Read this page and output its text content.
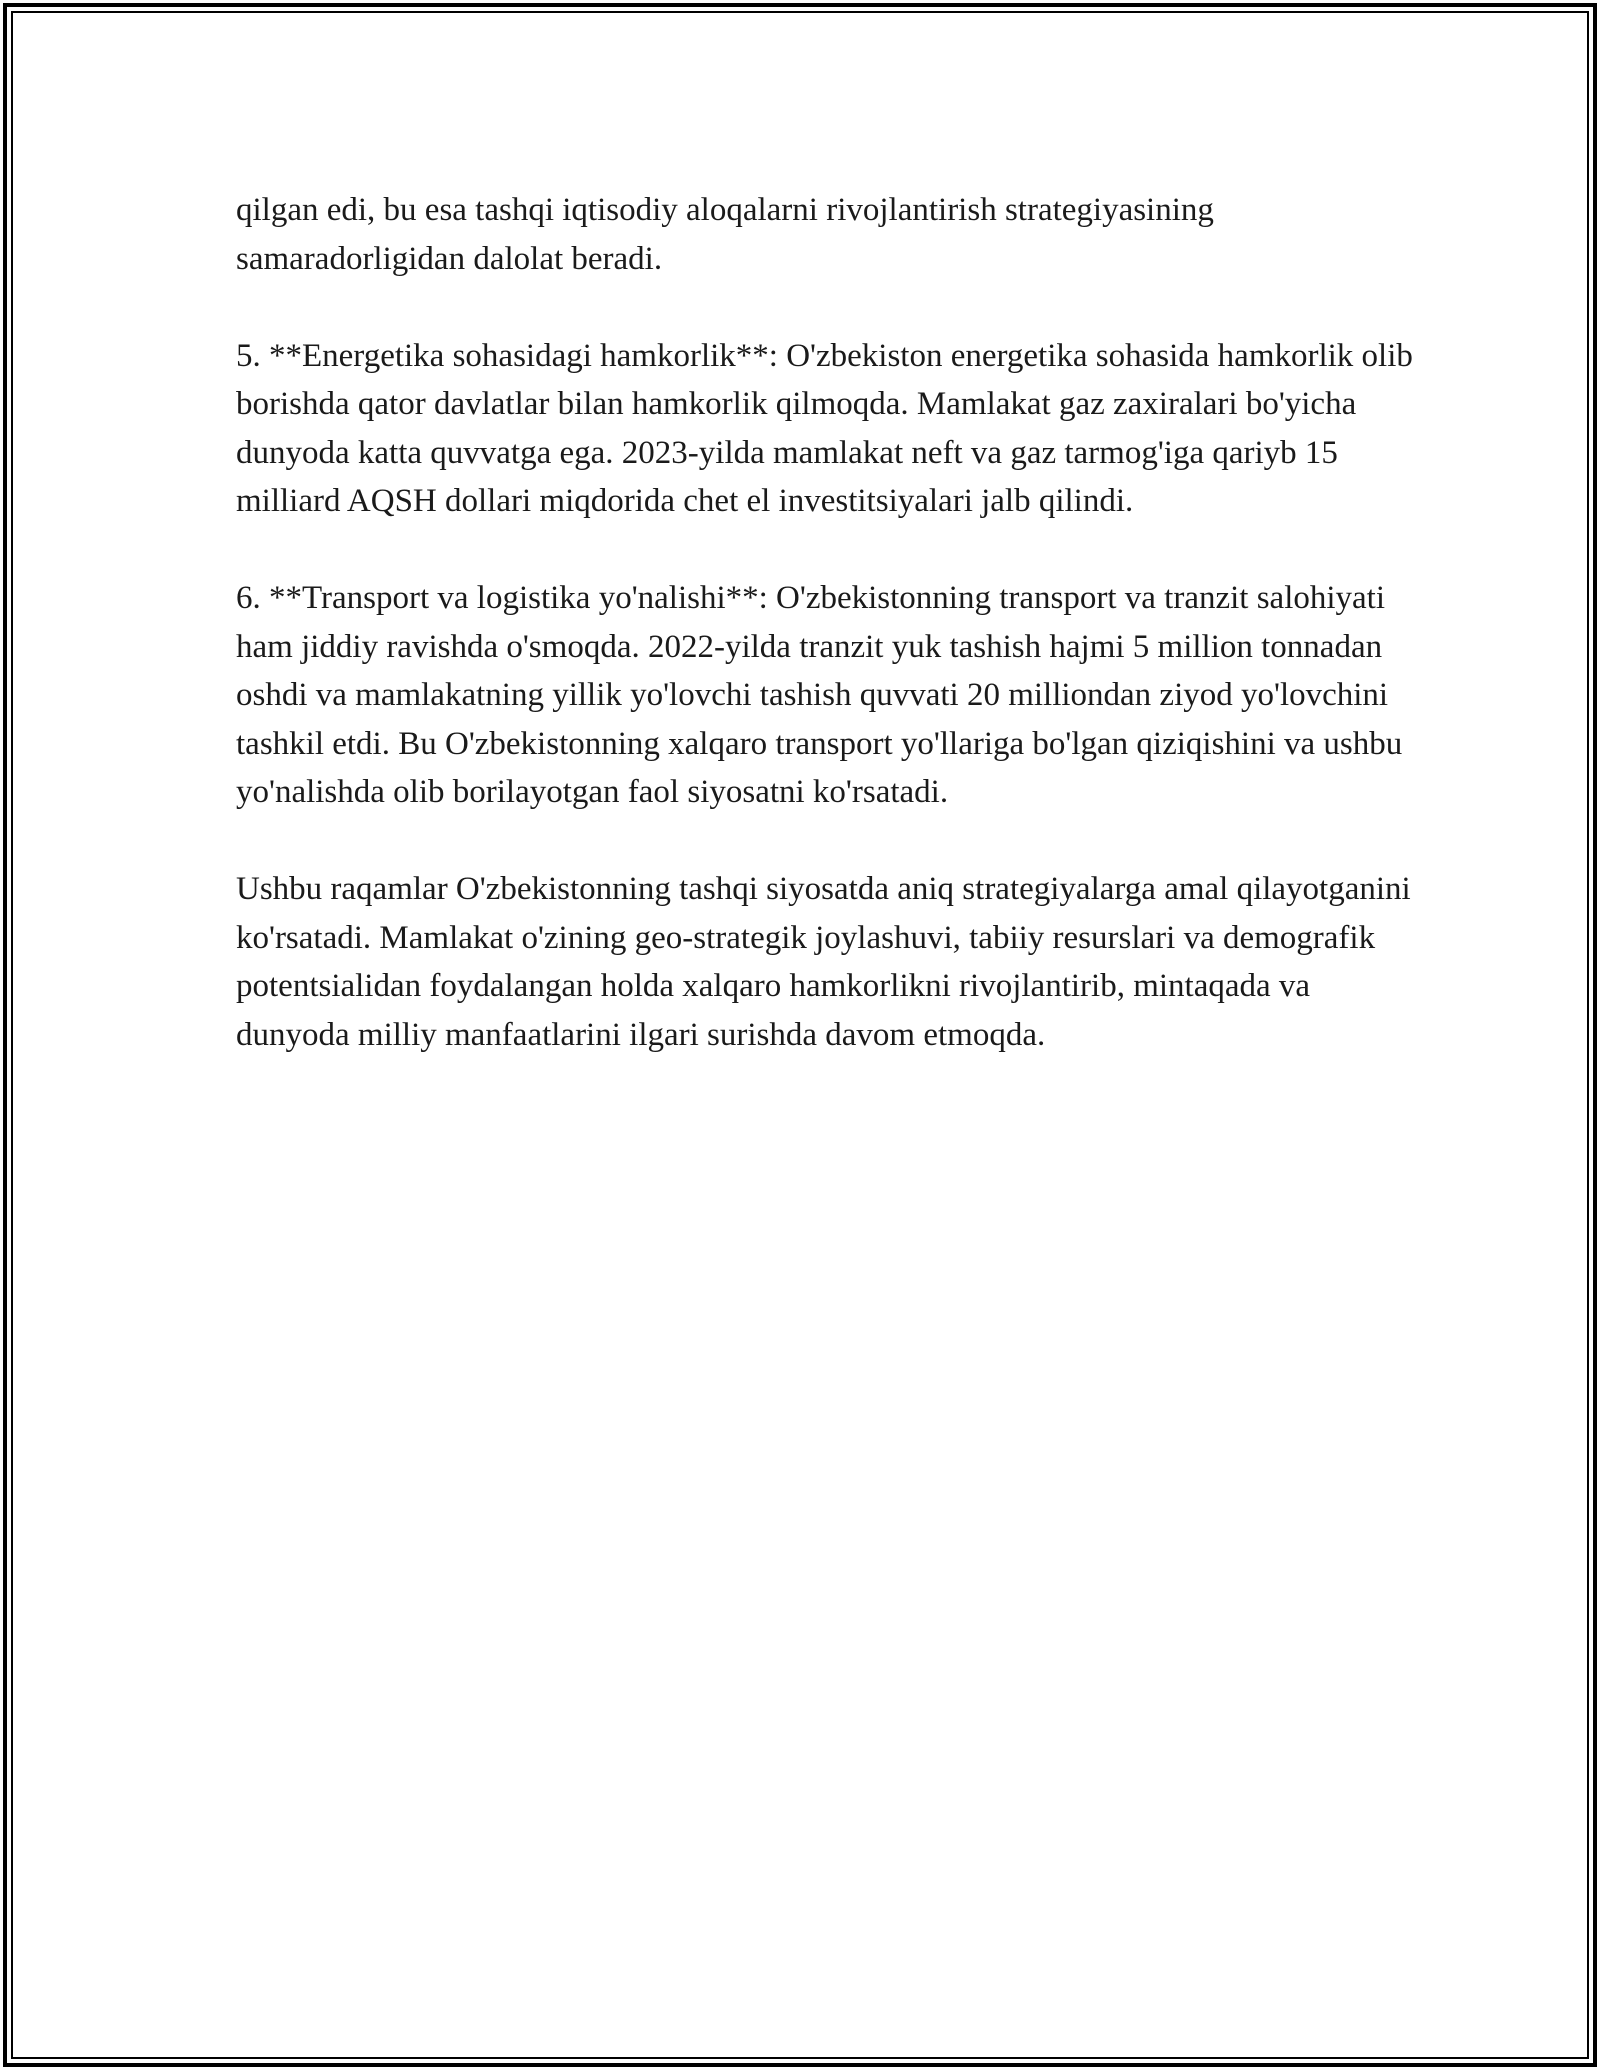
qilgan edi, bu esa tashqi iqtisodiy aloqalarni rivojlantirish strategiyasining samaradorligidan dalolat beradi.

5. **Energetika sohasidagi hamkorlik**: O'zbekiston energetika sohasida hamkorlik olib borishda qator davlatlar bilan hamkorlik qilmoqda. Mamlakat gaz zaxiralari bo'yicha dunyoda katta quvvatga ega. 2023-yilda mamlakat neft va gaz tarmog'iga qariyb 15 milliard AQSH dollari miqdorida chet el investitsiyalari jalb qilindi.

6. **Transport va logistika yo'nalishi**: O'zbekistonning transport va tranzit salohiyati ham jiddiy ravishda o'smoqda. 2022-yilda tranzit yuk tashish hajmi 5 million tonnadan oshdi va mamlakatning yillik yo'lovchi tashish quvvati 20 milliondan ziyod yo'lovchini tashkil etdi. Bu O'zbekistonning xalqaro transport yo'llariga bo'lgan qiziqishini va ushbu yo'nalishda olib borilayotgan faol siyosatni ko'rsatadi.

Ushbu raqamlar O'zbekistonning tashqi siyosatda aniq strategiyalarga amal qilayotganini ko'rsatadi. Mamlakat o'zining geo-strategik joylashuvi, tabiiy resurslari va demografik potentsialidan foydalangan holda xalqaro hamkorlikni rivojlantirib, mintaqada va dunyoda milliy manfaatlarini ilgari surishda davom etmoqda.
